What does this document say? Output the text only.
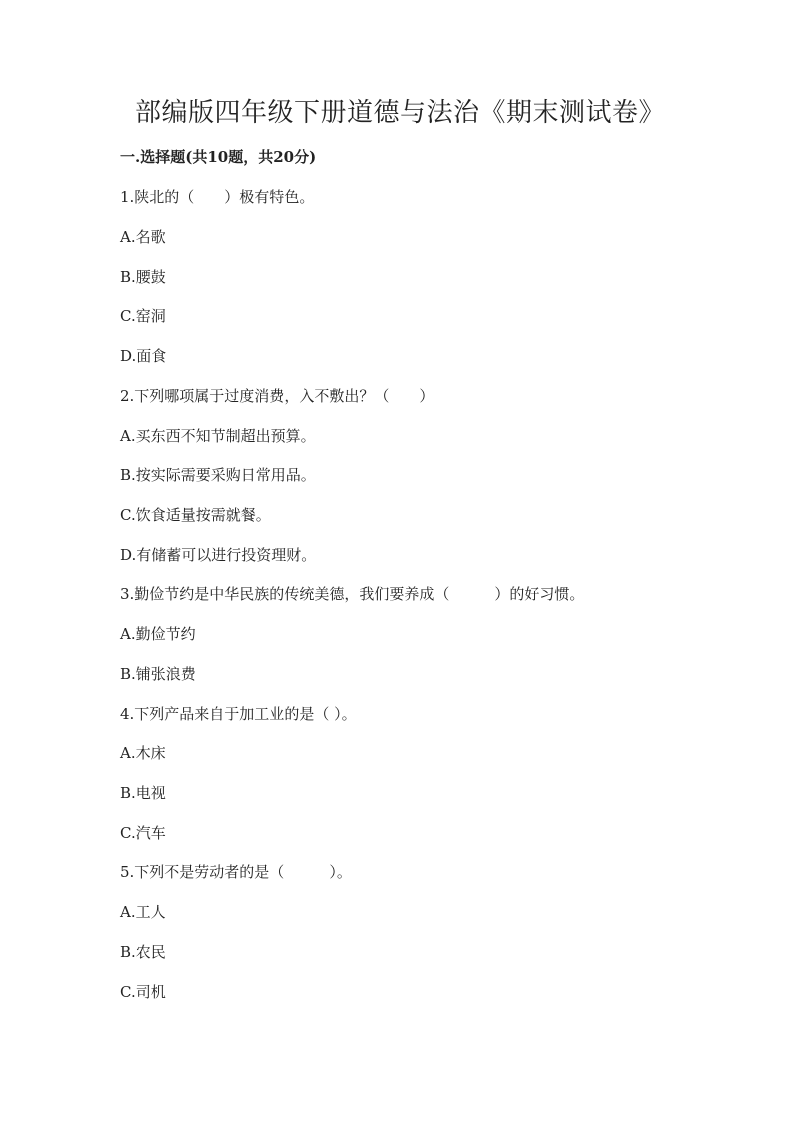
部编版四年级下册道德与法治《期末测试卷》

一.选择题(共10题，共20分)

1.陕北的（　　）极有特色。

A.名歌

B.腰鼓

C.窑洞

D.面食

2.下列哪项属于过度消费，入不敷出？（　　）

A.买东西不知节制超出预算。

B.按实际需要采购日常用品。

C.饮食适量按需就餐。

D.有储蓄可以进行投资理财。

3.勤俭节约是中华民族的传统美德，我们要养成（　　　）的好习惯。

A.勤俭节约

B.铺张浪费

4.下列产品来自于加工业的是（ ）。

A.木床

B.电视

C.汽车

5.下列不是劳动者的是（　　　）。

A.工人

B.农民

C.司机
